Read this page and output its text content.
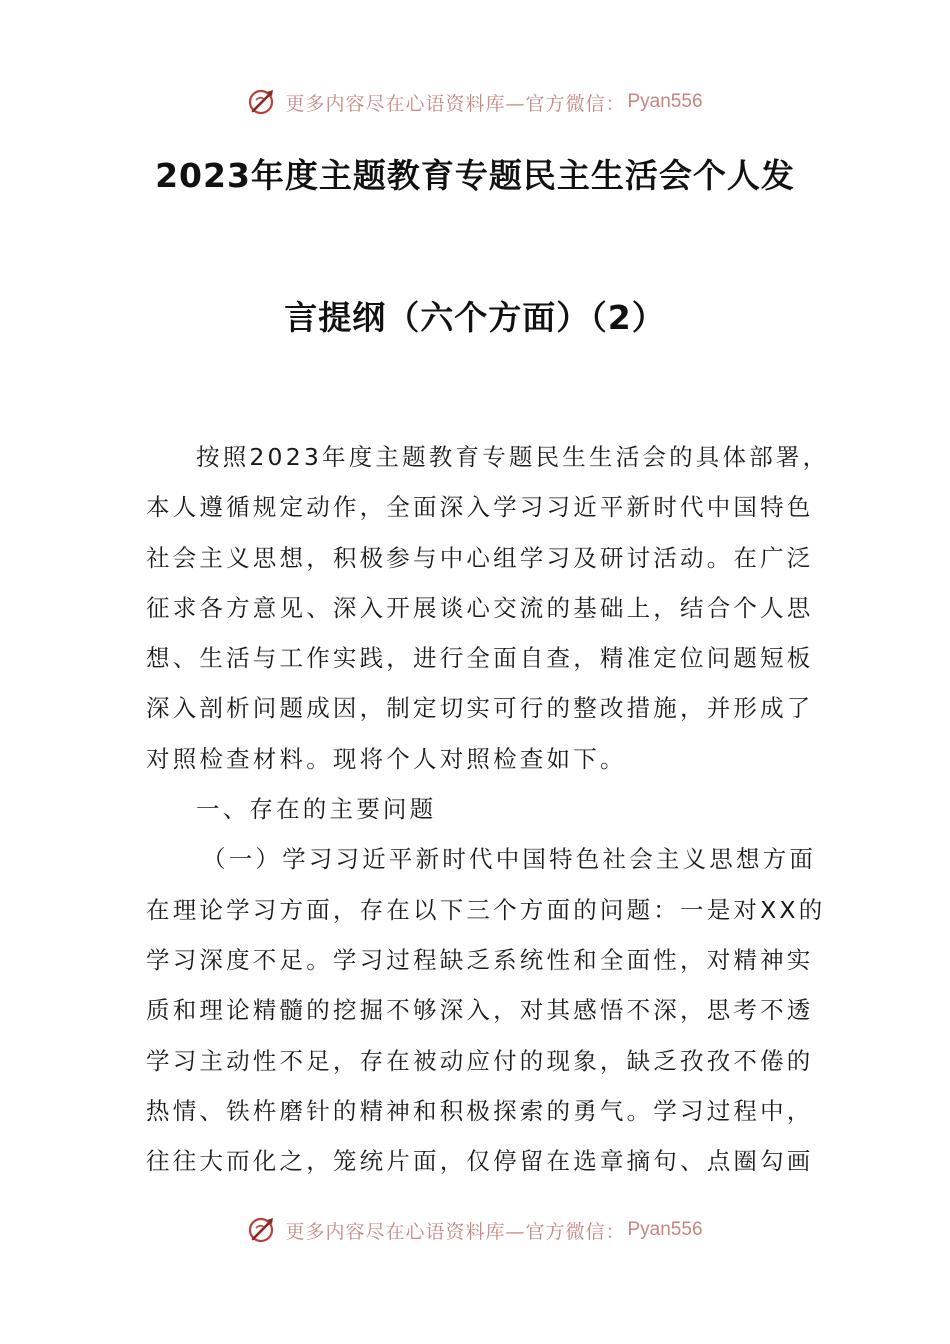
更多内容尽在心语资料库—官方微信： Pyan556
2023年度主题教育专题民主生活会个人发
言提纲（六个方面）（2）
按照2023年度主题教育专题民生生活会的具体部署，
本人遵循规定动作，全面深入学习习近平新时代中国特色
社会主义思想，积极参与中心组学习及研讨活动。在广泛
征求各方意见、深入开展谈心交流的基础上，结合个人思
想、生活与工作实践，进行全面自查，精准定位问题短板
深入剖析问题成因，制定切实可行的整改措施，并形成了
对照检查材料。现将个人对照检查如下。
一、存在的主要问题
（一）学习习近平新时代中国特色社会主义思想方面
在理论学习方面，存在以下三个方面的问题：一是对XX的
学习深度不足。学习过程缺乏系统性和全面性，对精神实
质和理论精髓的挖掘不够深入，对其感悟不深，思考不透
学习主动性不足，存在被动应付的现象，缺乏孜孜不倦的
热情、铁杵磨针的精神和积极探索的勇气。学习过程中，
往往大而化之，笼统片面，仅停留在选章摘句、点圈勾画
更多内容尽在心语资料库—官方微信： Pyan556
